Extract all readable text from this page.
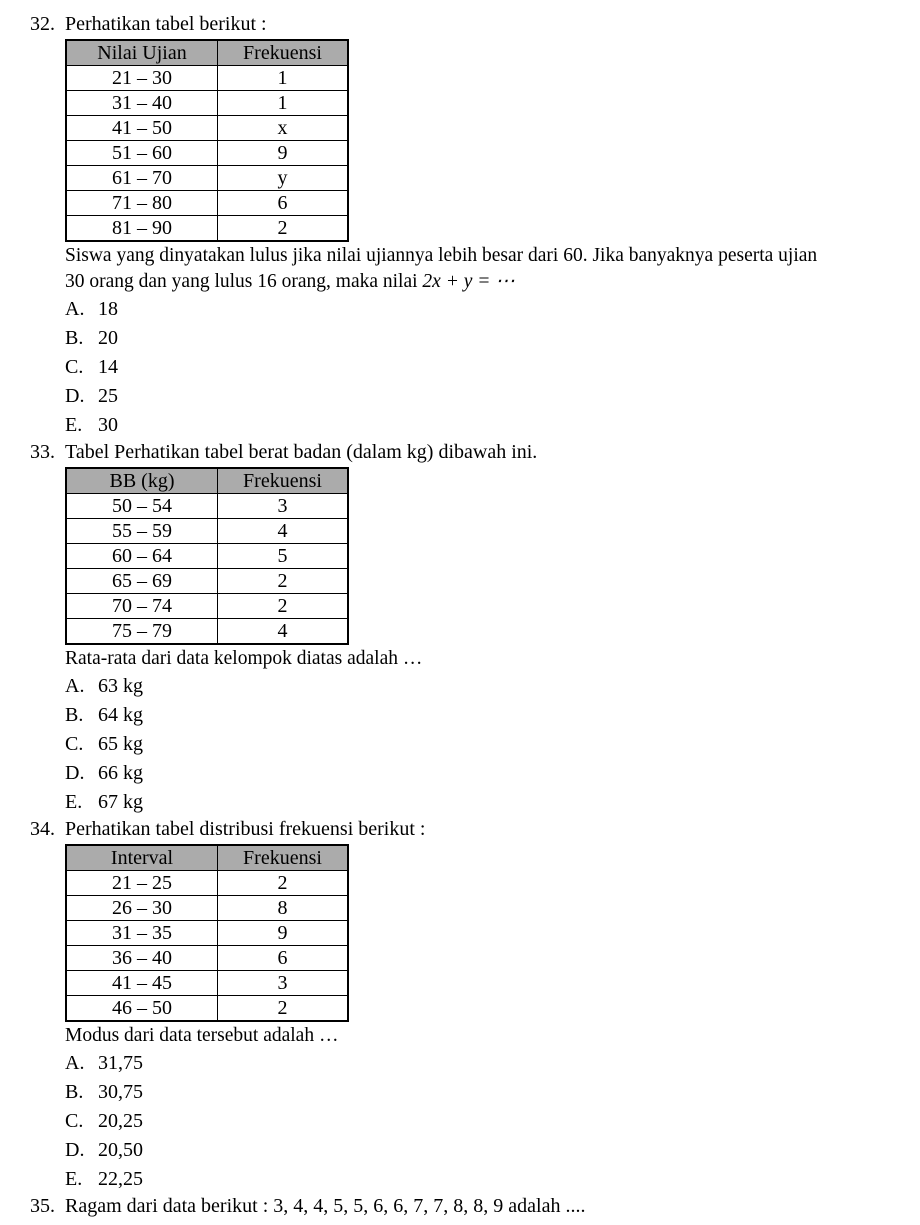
32. Perhatikan tabel berikut :
Nilai Ujian	Frekuensi
21 – 30	1
31 – 40	1
41 – 50	x
51 – 60	9
61 – 70	y
71 – 80	6
81 – 90	2

Siswa yang dinyatakan lulus jika nilai ujiannya lebih besar dari 60. Jika banyaknya peserta ujian
30 orang dan yang lulus 16 orang, maka nilai 2x + y = ⋯

A. 18
B. 20
C. 14
D. 25
E. 30
33. Tabel Perhatikan tabel berat badan (dalam kg) dibawah ini.
BB (kg)	Frekuensi
50 – 54	3
55 – 59	4
60 – 64	5
65 – 69	2
70 – 74	2
75 – 79	4

Rata-rata dari data kelompok diatas adalah …

A. 63 kg
B. 64 kg
C. 65 kg
D. 66 kg
E. 67 kg
34. Perhatikan tabel distribusi frekuensi berikut :
Interval	Frekuensi
21 – 25	2
26 – 30	8
31 – 35	9
36 – 40	6
41 – 45	3
46 – 50	2

Modus dari data tersebut adalah …

A. 31,75
B. 30,75
C. 20,25
D. 20,50
E. 22,25
35. Ragam dari data berikut : 3, 4, 4, 5, 5, 6, 6, 7, 7, 8, 8, 9 adalah ....
